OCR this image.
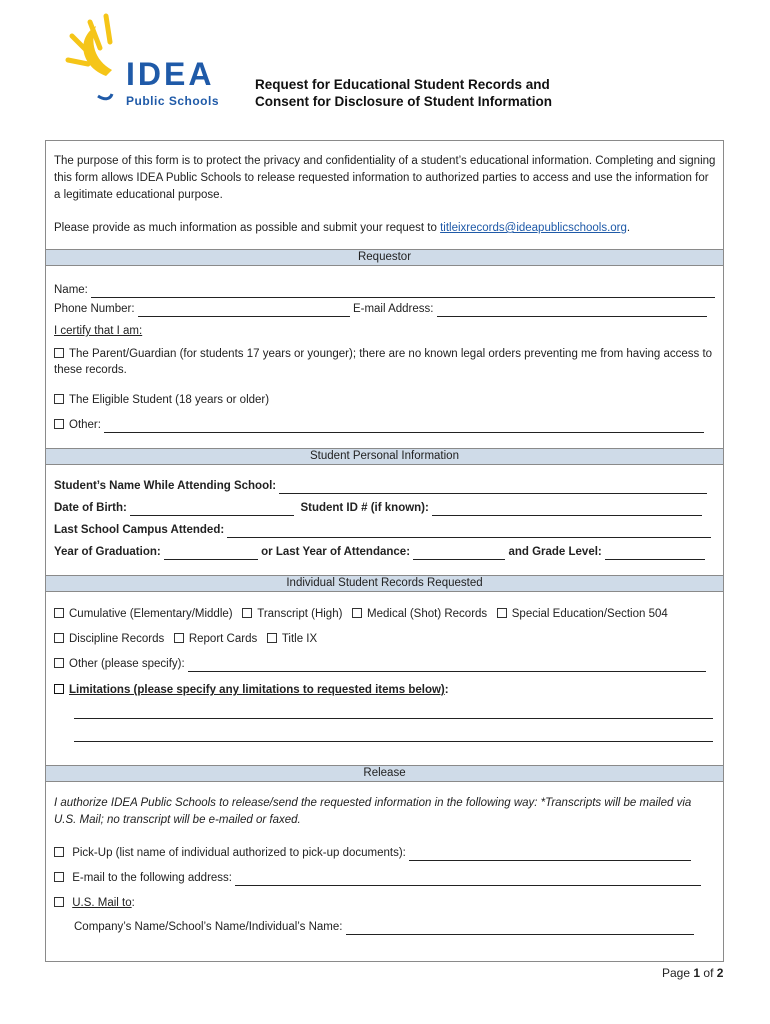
IDEA
Public Schools
Request for Educational Student Records and
Consent for Disclosure of Student Information
The purpose of this form is to protect the privacy and confidentiality of a student’s educational information. Completing and signing this form allows IDEA Public Schools to release requested information to authorized parties to access and use the information for a legitimate educational purpose.
Please provide as much information as possible and submit your request to titleixrecords@ideapublicschools.org.
Requestor
Name:
Phone Number:	E-mail Address:
I certify that I am:
The Parent/Guardian (for students 17 years or younger); there are no known legal orders preventing me from having access to these records.
The Eligible Student (18 years or older)
Other:
Student Personal Information
Student’s Name While Attending School:
Date of Birth:	Student ID # (if known):
Last School Campus Attended:
Year of Graduation:	or Last Year of Attendance:	and Grade Level:
Individual Student Records Requested
Cumulative (Elementary/Middle) Transcript (High) Medical (Shot) Records Special Education/Section 504
Discipline Records Report Cards Title IX
Other (please specify):
Limitations (please specify any limitations to requested items below):
Release
I authorize IDEA Public Schools to release/send the requested information in the following way: *Transcripts will be mailed via U.S. Mail; no transcript will be e-mailed or faxed.
Pick-Up (list name of individual authorized to pick-up documents):
E-mail to the following address:
U.S. Mail to:
Company’s Name/School’s Name/Individual’s Name:
Page 1 of 2
